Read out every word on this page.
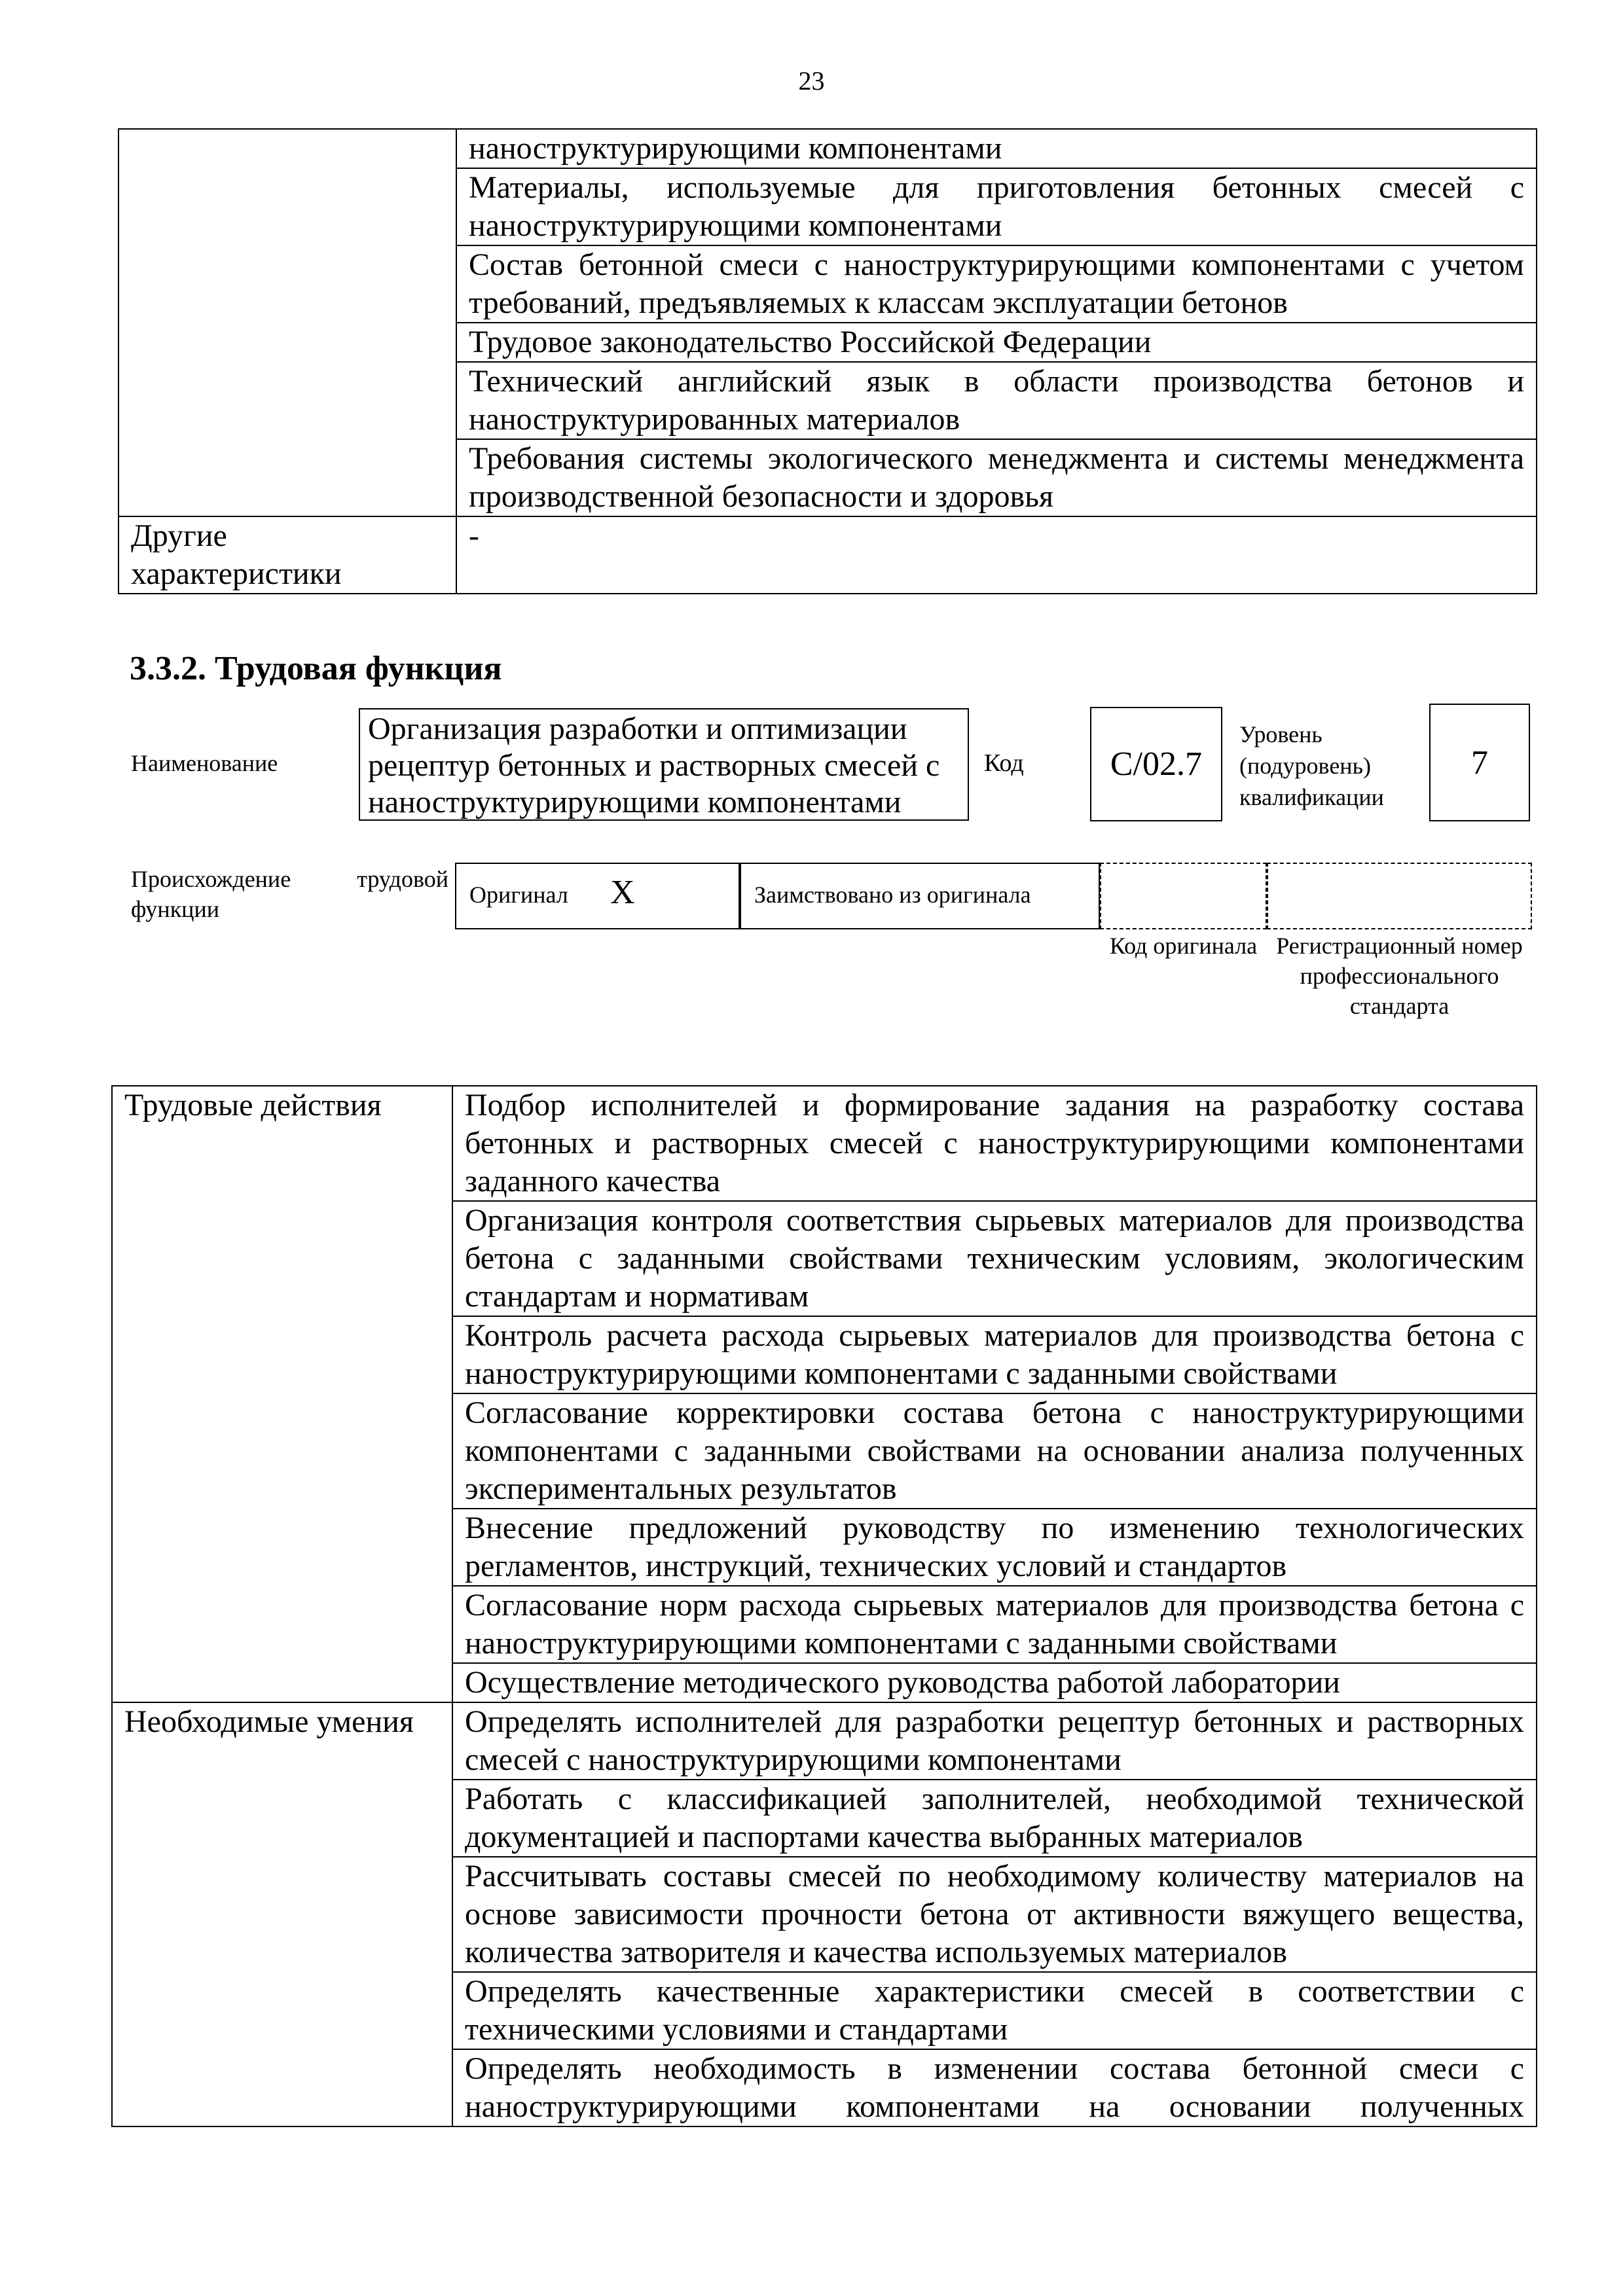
23
	наноструктурирующими компонентами
	Материалы, используемые для приготовления бетонных смесей с наноструктурирующими компонентами
	Состав бетонной смеси с наноструктурирующими компонентами с учетом требований, предъявляемых к классам эксплуатации бетонов
	Трудовое законодательство Российской Федерации
	Технический английский язык в области производства бетонов и наноструктурированных материалов
	Требования системы экологического менеджмента и системы менеджмента производственной безопасности и здоровья
Другие характеристики	-
3.3.2. Трудовая функция
Наименование
Организация разработки и оптимизации рецептур бетонных и растворных смесей с наноструктурирующими компонентами
Код	C/02.7
Уровень (подуровень) квалификации
7
Происхождение трудовой функции
Оригинал X	Заимствовано из оригинала
Код оригинала Регистрационный номер профессионального стандарта
Трудовые действия	Подбор исполнителей и формирование задания на разработку состава бетонных и растворных смесей с наноструктурирующими компонентами заданного качества
	Организация контроля соответствия сырьевых материалов для производства бетона с заданными свойствами техническим условиям, экологическим стандартам и нормативам
	Контроль расчета расхода сырьевых материалов для производства бетона с наноструктурирующими компонентами с заданными свойствами
	Согласование корректировки состава бетона с наноструктурирующими компонентами с заданными свойствами на основании анализа полученных экспериментальных результатов
	Внесение предложений руководству по изменению технологических регламентов, инструкций, технических условий и стандартов
	Согласование норм расхода сырьевых материалов для производства бетона с наноструктурирующими компонентами с заданными свойствами
	Осуществление методического руководства работой лаборатории
Необходимые умения	Определять исполнителей для разработки рецептур бетонных и растворных смесей с наноструктурирующими компонентами
	Работать с классификацией заполнителей, необходимой технической документацией и паспортами качества выбранных материалов
	Рассчитывать составы смесей по необходимому количеству материалов на основе зависимости прочности бетона от активности вяжущего вещества, количества затворителя и качества используемых материалов
	Определять качественные характеристики смесей в соответствии с техническими условиями и стандартами
	Определять необходимость в изменении состава бетонной смеси с наноструктурирующими компонентами на основании полученных
